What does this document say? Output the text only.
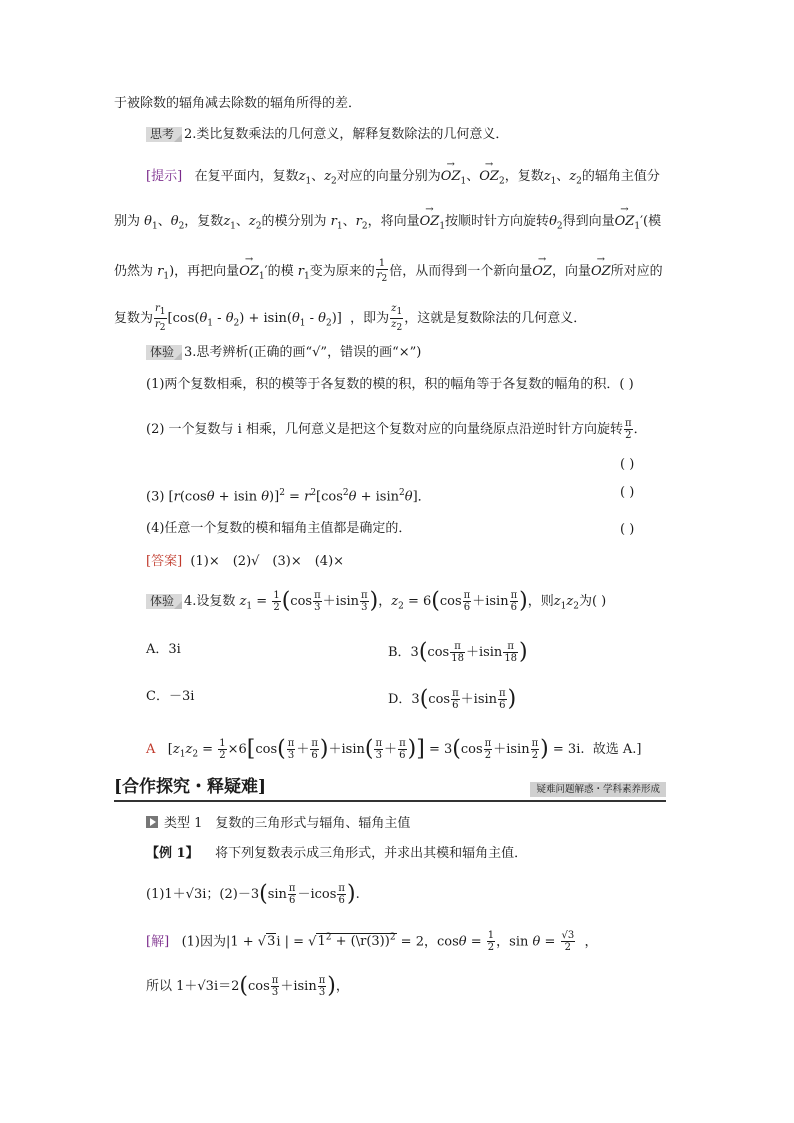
于被除数的辐角减去除数的辐角所得的差．
思考 2.类比复数乘法的几何意义，解释复数除法的几何意义．
[提示] 在复平面内，复数$z_1$、$z_2$对应的向量分别为→ $OZ_1$、→ $OZ_2$，复数$z_1$、$z_2$的辐角主值分
别为 $\theta_1$、$\theta_2$，复数$z_1$、$z_2$的模分别为 $r_1$、$r_2$，将向量→ $OZ_1$按顺时针方向旋转$\theta_2$得到向量→ $OZ_1'$(模
仍然为 $r_1$)，再把向量→ $OZ_1'$的模 $r_1$变为原来的 $\frac{1}{r_2}$ 倍，从而得到一个新向量→ OZ，向量→ OZ所对应的
复数为 $\frac{r_1}{r_2} [\cos(\theta_1 - \theta_2) + isin(\theta_1 - \theta_2)]$  ，即为 $\frac{z_1}{z_2}$ ，这就是复数除法的几何意义．
体验 3.思考辨析(正确的画“√”，错误的画“×”)
(1)两个复数相乘，积的模等于各复数的模的积，积的幅角等于各复数的幅角的积．( )
(2) 一个复数与 i 相乘，几何意义是把这个复数对应的向量绕原点沿逆时针方向旋转 $\frac{\pi}{2}$ ．
( )
(3) [r(cosθ + isin $\theta)]^2 = r^2[\cos^2\theta + isin^2\theta]$．	( )
(4)任意一个复数的模和辐角主值都是确定的．	( )
[答案] (1)×　(2)√　(3)×　(4)×
体验 4.设复数 $z_1 = \frac{1}{2} (\cos \frac{\pi}{3} +isin \frac{\pi}{3}$ )，$z_2 = 6(\cos \frac{\pi}{6} +isin \frac{\pi}{6}$ )，则$z_1z_2$为( )
A．3i	B．$3(\cos \frac{\pi}{18} +isin \frac{\pi}{18}$ )
C．－3i	D．$3(\cos \frac{\pi}{6} +isin \frac{\pi}{6}$ )
A   [$z_1z_2 = \frac{1}{2} \times 6[\cos( \frac{\pi}{3} + \frac{\pi}{6} )+isin( \frac{\pi}{3} + \frac{\pi}{6}$ )] = $3(\cos \frac{\pi}{2} +isin \frac{\pi}{2}$ ) = 3i.  故选 A.]
[合作探究・释疑难]	疑难问题解惑・学科素养形成
类型 1　复数的三角形式与辐角、辐角主值
【例 1】 将下列复数表示成三角形式，并求出其模和辐角主值．
(1)1＋√3i；$(2)-3(\sin \frac{\pi}{6} -icos \frac{\pi}{6}$ ).
[解] (1)因为|1 + √3i | = $√1^2$ + (\r(3))$^2$ = 2，$\cos\theta = \frac{1}{2}$ ，$\sin \theta = \frac{√3}{2}$ ，
所以 $1+√3i=2(\cos \frac{\pi}{3} +isin \frac{\pi}{3}$ )，
